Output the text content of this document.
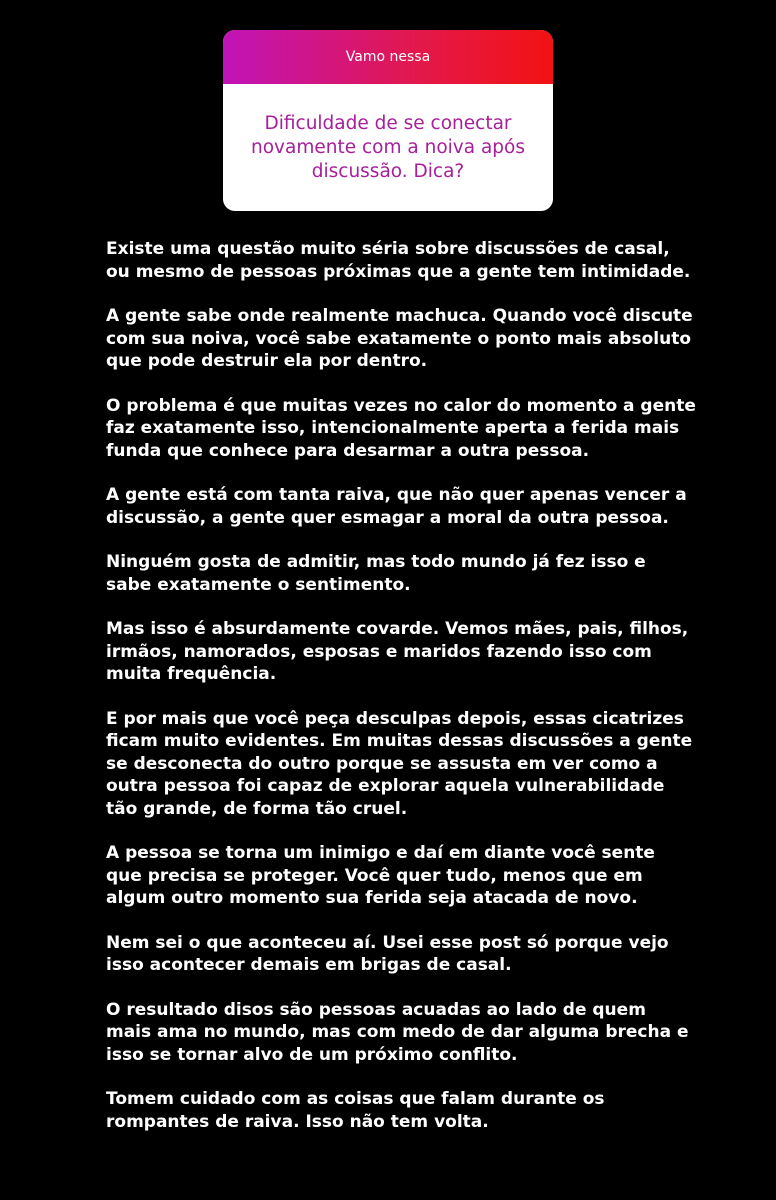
Vamo nessa
Dificuldade de se conectar novamente com a noiva após discussão. Dica?

Existe uma questão muito séria sobre discussões de casal, ou mesmo de pessoas próximas que a gente tem intimidade.

A gente sabe onde realmente machuca. Quando você discute com sua noiva, você sabe exatamente o ponto mais absoluto que pode destruir ela por dentro.

O problema é que muitas vezes no calor do momento a gente faz exatamente isso, intencionalmente aperta a ferida mais funda que conhece para desarmar a outra pessoa.

A gente está com tanta raiva, que não quer apenas vencer a discussão, a gente quer esmagar a moral da outra pessoa.

Ninguém gosta de admitir, mas todo mundo já fez isso e sabe exatamente o sentimento.

Mas isso é absurdamente covarde. Vemos mães, pais, filhos, irmãos, namorados, esposas e maridos fazendo isso com muita frequência.

E por mais que você peça desculpas depois, essas cicatrizes ficam muito evidentes. Em muitas dessas discussões a gente se desconecta do outro porque se assusta em ver como a outra pessoa foi capaz de explorar aquela vulnerabilidade tão grande, de forma tão cruel.

A pessoa se torna um inimigo e daí em diante você sente que precisa se proteger. Você quer tudo, menos que em algum outro momento sua ferida seja atacada de novo.

Nem sei o que aconteceu aí. Usei esse post só porque vejo isso acontecer demais em brigas de casal.

O resultado disos são pessoas acuadas ao lado de quem mais ama no mundo, mas com medo de dar alguma brecha e isso se tornar alvo de um próximo conflito.

Tomem cuidado com as coisas que falam durante os rompantes de raiva. Isso não tem volta.
